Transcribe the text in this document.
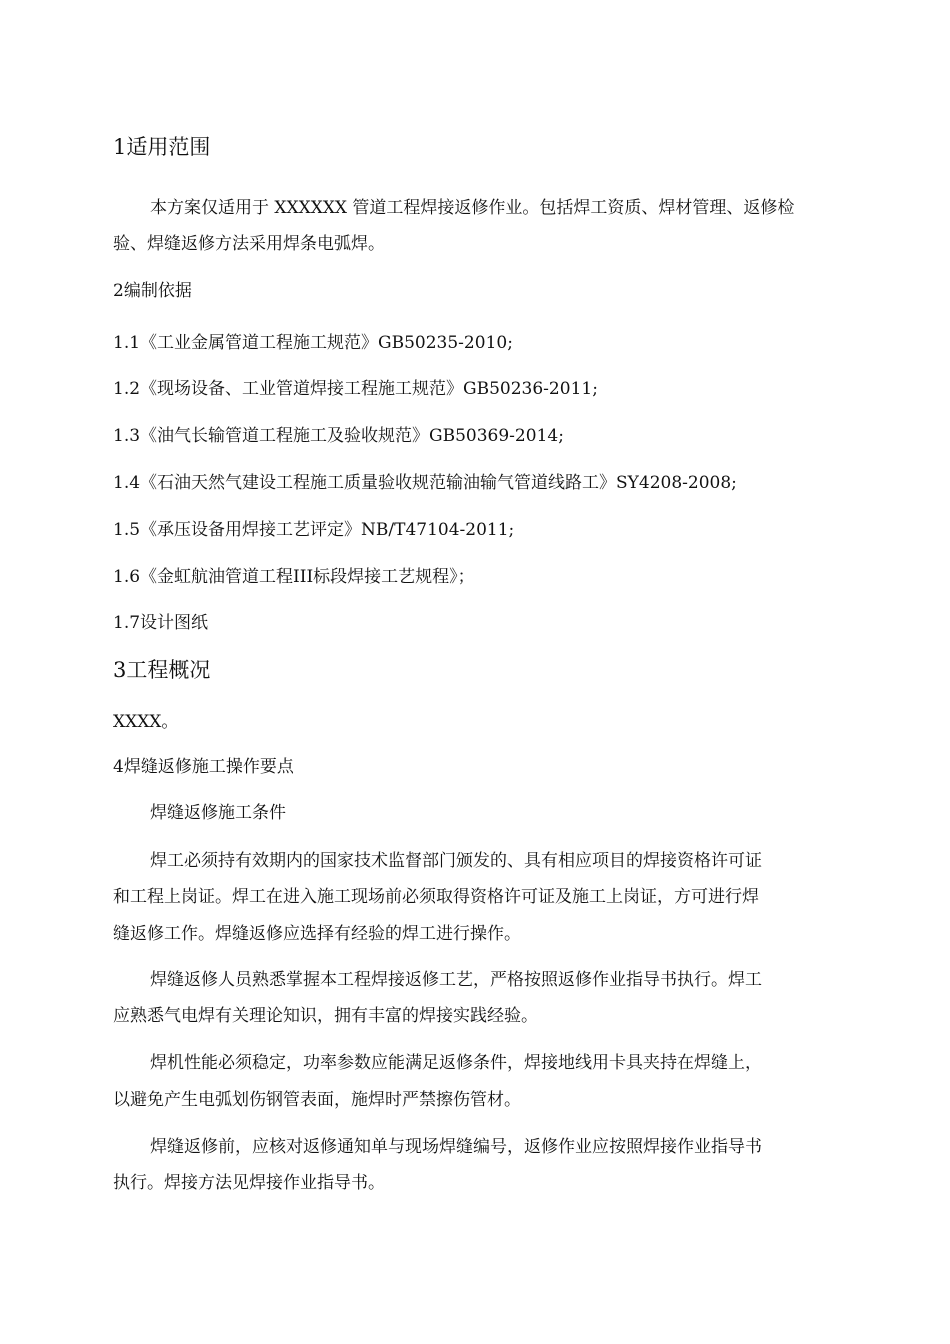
1适用范围
本方案仅适用于 XXXXXX 管道工程焊接返修作业。包括焊工资质、焊材管理、返修检
验、焊缝返修方法采用焊条电弧焊。
2编制依据
1.1《工业金属管道工程施工规范》GB50235-2010;
1.2《现场设备、工业管道焊接工程施工规范》GB50236-2011;
1.3《油气长输管道工程施工及验收规范》GB50369-2014;
1.4《石油天然气建设工程施工质量验收规范输油输气管道线路工》SY4208-2008;
1.5《承压设备用焊接工艺评定》NB/T47104-2011;
1.6《金虹航油管道工程III标段焊接工艺规程》；
1.7设计图纸
3工程概况
XXXX。
4焊缝返修施工操作要点
焊缝返修施工条件
焊工必须持有效期内的国家技术监督部门颁发的、具有相应项目的焊接资格许可证
和工程上岗证。焊工在进入施工现场前必须取得资格许可证及施工上岗证，方可进行焊
缝返修工作。焊缝返修应选择有经验的焊工进行操作。
焊缝返修人员熟悉掌握本工程焊接返修工艺，严格按照返修作业指导书执行。焊工
应熟悉气电焊有关理论知识，拥有丰富的焊接实践经验。
焊机性能必须稳定，功率参数应能满足返修条件，焊接地线用卡具夹持在焊缝上，
以避免产生电弧划伤钢管表面，施焊时严禁擦伤管材。
焊缝返修前，应核对返修通知单与现场焊缝编号，返修作业应按照焊接作业指导书
执行。焊接方法见焊接作业指导书。
